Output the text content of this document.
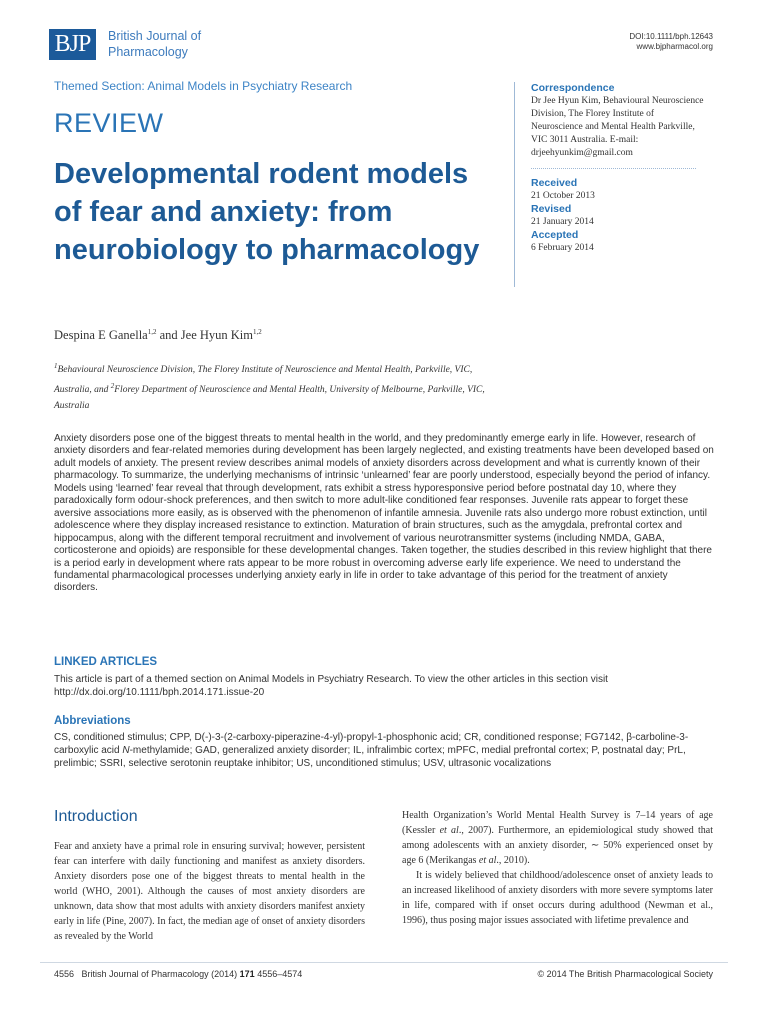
BJP	British Journal of
Pharmacology
DOI:10.1111/bph.12643
www.bjpharmacol.org
Themed Section: Animal Models in Psychiatry Research
REVIEW
Developmental rodent models of fear and anxiety: from neurobiology to pharmacology
Despina E Ganella$^{1,2}$ and Jee Hyun Kim$^{1,2}$
$^1$Behavioural Neuroscience Division, The Florey Institute of Neuroscience and Mental Health, Parkville, VIC, Australia, and $^2$Florey Department of Neuroscience and Mental Health, University of Melbourne, Parkville, VIC, Australia
Correspondence
Dr Jee Hyun Kim, Behavioural Neuroscience Division, The Florey Institute of Neuroscience and Mental Health Parkville, VIC 3011 Australia. E-mail: drjeehyunkim@gmail.com
Received
21 October 2013
Revised
21 January 2014
Accepted
6 February 2014
Anxiety disorders pose one of the biggest threats to mental health in the world, and they predominantly emerge early in life. However, research of anxiety disorders and fear-related memories during development has been largely neglected, and existing treatments have been developed based on adult models of anxiety. The present review describes animal models of anxiety disorders across development and what is currently known of their pharmacology. To summarize, the underlying mechanisms of intrinsic ‘unlearned’ fear are poorly understood, especially beyond the period of infancy. Models using ‘learned’ fear reveal that through development, rats exhibit a stress hyporesponsive period before postnatal day 10, where they paradoxically form odour-shock preferences, and then switch to more adult-like conditioned fear responses. Juvenile rats appear to forget these aversive associations more easily, as is observed with the phenomenon of infantile amnesia. Juvenile rats also undergo more robust extinction, until adolescence where they display increased resistance to extinction. Maturation of brain structures, such as the amygdala, prefrontal cortex and hippocampus, along with the different temporal recruitment and involvement of various neurotransmitter systems (including NMDA, GABA, corticosterone and opioids) are responsible for these developmental changes. Taken together, the studies described in this review highlight that there is a period early in development where rats appear to be more robust in overcoming adverse early life experience. We need to understand the fundamental pharmacological processes underlying anxiety early in life in order to take advantage of this period for the treatment of anxiety disorders.
LINKED ARTICLES
This article is part of a themed section on Animal Models in Psychiatry Research. To view the other articles in this section visit http://dx.doi.org/10.1111/bph.2014.171.issue-20
Abbreviations
CS, conditioned stimulus; CPP, D(-)-3-(2-carboxy-piperazine-4-yl)-propyl-1-phosphonic acid; CR, conditioned response; FG7142, β-carboline-3-carboxylic acid N-methylamide; GAD, generalized anxiety disorder; IL, infralimbic cortex; mPFC, medial prefrontal cortex; P, postnatal day; PrL, prelimbic; SSRI, selective serotonin reuptake inhibitor; US, unconditioned stimulus; USV, ultrasonic vocalizations
Introduction

Fear and anxiety have a primal role in ensuring survival; however, persistent fear can interfere with daily functioning and manifest as anxiety disorders. Anxiety disorders pose one of the biggest threats to mental health in the world (WHO, 2001). Although the causes of most anxiety disorders are unknown, data show that most adults with anxiety disorders manifest anxiety early in life (Pine, 2007). In fact, the median age of onset of anxiety disorders as revealed by the World

Health Organization’s World Mental Health Survey is 7–14 years of age (Kessler et al., 2007). Furthermore, an epidemiological study showed that among adolescents with an anxiety disorder, ∼ 50% experienced onset by age 6 (Merikangas et al., 2010).

It is widely believed that childhood/adolescence onset of anxiety leads to an increased likelihood of anxiety disorders with more severe symptoms later in life, compared with if onset occurs during adulthood (Newman et al., 1996), thus posing major issues associated with lifetime prevalence and

4556 British Journal of Pharmacology (2014) 171 4556–4574	© 2014 The British Pharmacological Society
